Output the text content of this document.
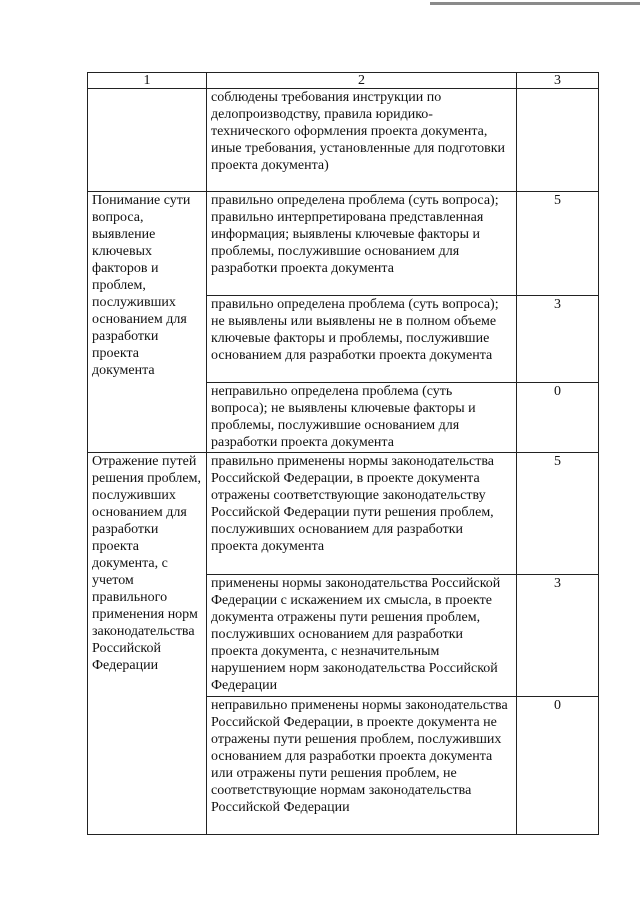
1	2	3
	соблюдены требования инструкции по делопроизводству, правила юридико-технического оформления проекта документа, иные требования, установленные для подготовки проекта документа)	
Понимание сути вопроса, выявление ключевых факторов и проблем, послуживших основанием для разработки проекта документа	правильно определена проблема (суть вопроса); правильно интерпретирована представленная информация; выявлены ключевые факторы и проблемы, послужившие основанием для разработки проекта документа	5
	правильно определена проблема (суть вопроса); не выявлены или выявлены не в полном объеме ключевые факторы и проблемы, послужившие основанием для разработки проекта документа	3
	неправильно определена проблема (суть вопроса); не выявлены ключевые факторы и проблемы, послужившие основанием для разработки проекта документа	0
Отражение путей решения проблем, послуживших основанием для разработки проекта документа, с учетом правильного применения норм законодательства Российской Федерации	правильно применены нормы законодательства Российской Федерации, в проекте документа отражены соответствующие законодательству Российской Федерации пути решения проблем, послуживших основанием для разработки проекта документа	5
	применены нормы законодательства Российской Федерации с искажением их смысла, в проекте документа отражены пути решения проблем, послуживших основанием для разработки проекта документа, с незначительным нарушением норм законодательства Российской Федерации	3
	неправильно применены нормы законодательства Российской Федерации, в проекте документа не отражены пути решения проблем, послуживших основанием для разработки проекта документа или отражены пути решения проблем, не соответствующие нормам законодательства Российской Федерации	0
